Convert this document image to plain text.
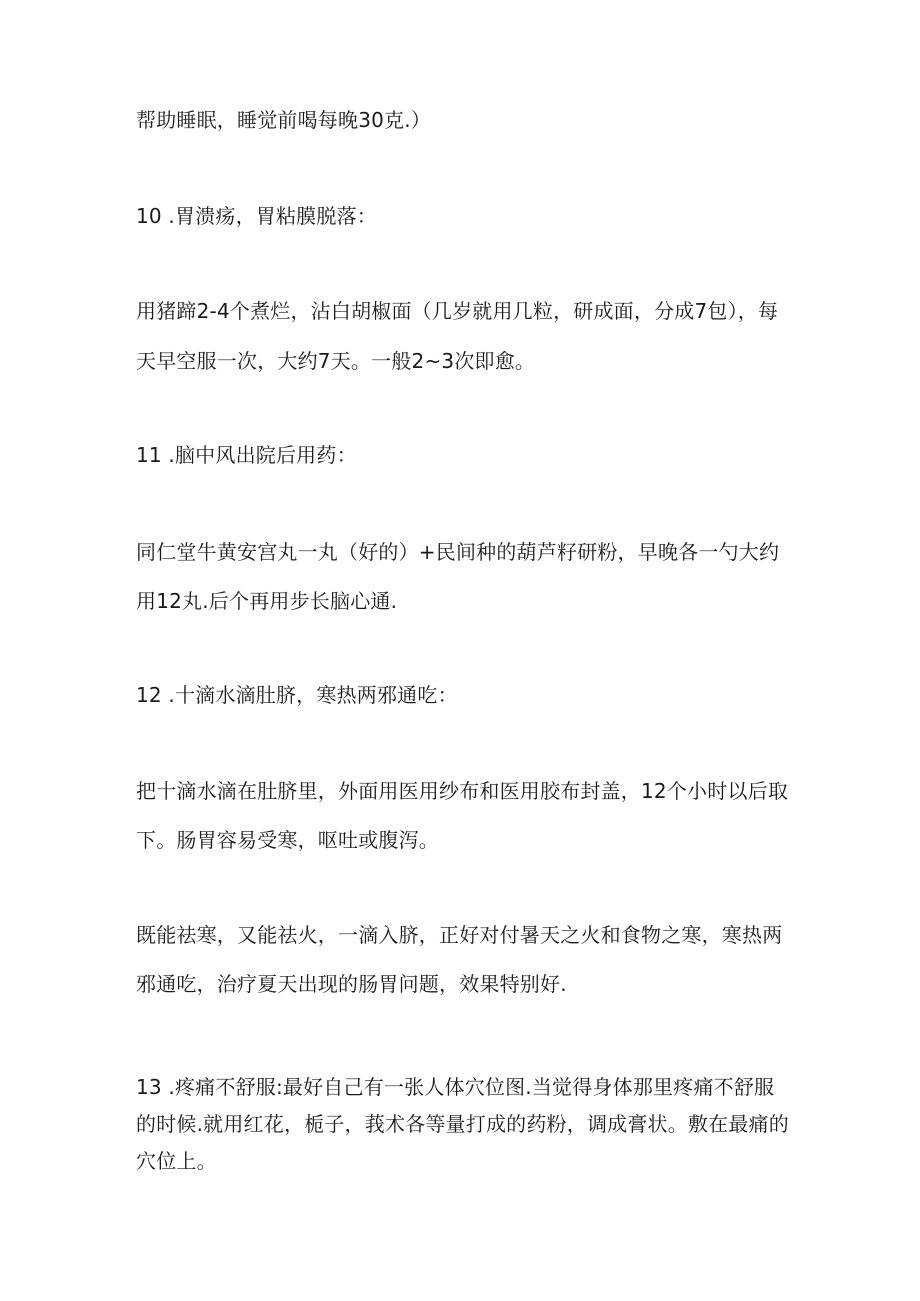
帮助睡眠，睡觉前喝每晚30克.）
10 .胃溃疡，胃粘膜脱落：
用猪蹄2-4个煮烂，沾白胡椒面（几岁就用几粒，研成面，分成7包），每
天早空服一次，大约7天。一般2~3次即愈。
11 .脑中风出院后用药：
同仁堂牛黄安宫丸一丸（好的）+民间种的葫芦籽研粉，早晚各一勺大约
用12丸.后个再用步长脑心通.
12 .十滴水滴肚脐，寒热两邪通吃：
把十滴水滴在肚脐里，外面用医用纱布和医用胶布封盖，12个小时以后取
下。肠胃容易受寒，呕吐或腹泻。
既能祛寒，又能祛火，一滴入脐，正好对付暑天之火和食物之寒，寒热两
邪通吃，治疗夏天出现的肠胃问题，效果特别好.
13 .疼痛不舒服:最好自己有一张人体穴位图.当觉得身体那里疼痛不舒服
的时候.就用红花，栀子，莪术各等量打成的药粉，调成膏状。敷在最痛的
穴位上。
